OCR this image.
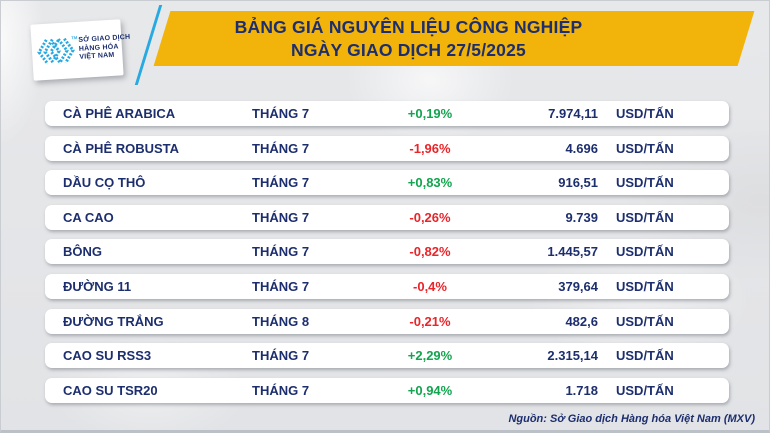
BẢNG GIÁ NGUYÊN LIỆU CÔNG NGHIỆP
NGÀY GIAO DỊCH 27/5/2025
TM SỞ GIAO DỊCH
HÀNG HÓA
VIỆT NAM
CÀ PHÊ ARABICA	THÁNG 7	+0,19%	7.974,11	USD/TẤN
CÀ PHÊ ROBUSTA	THÁNG 7	-1,96%	4.696	USD/TẤN
DẦU CỌ THÔ	THÁNG 7	+0,83%	916,51	USD/TẤN
CA CAO	THÁNG 7	-0,26%	9.739	USD/TẤN
BÔNG	THÁNG 7	-0,82%	1.445,57	USD/TẤN
ĐƯỜNG 11	THÁNG 7	-0,4%	379,64	USD/TẤN
ĐƯỜNG TRẮNG	THÁNG 8	-0,21%	482,6	USD/TẤN
CAO SU RSS3	THÁNG 7	+2,29%	2.315,14	USD/TẤN
CAO SU TSR20	THÁNG 7	+0,94%	1.718	USD/TẤN
Nguồn: Sở Giao dịch Hàng hóa Việt Nam (MXV)
